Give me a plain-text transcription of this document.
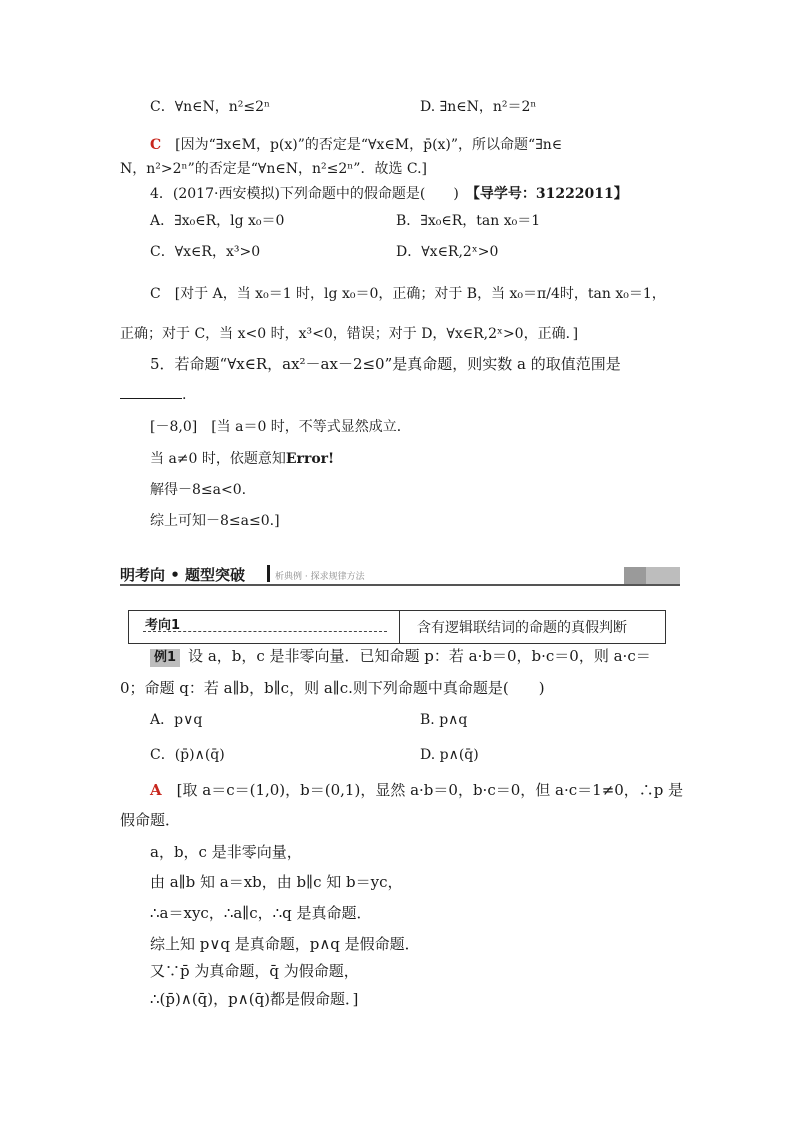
C．∀n∈N，n²≤2ⁿ	D. ∃n∈N，n²＝2ⁿ
C　[因为“∃x∈M，p(x)”的否定是“∀x∈M，p̄(x)”，所以命题“∃n∈
N，n²>2ⁿ”的否定是“∀n∈N，n²≤2ⁿ”．故选 C.]
4．(2017·西安模拟)下列命题中的假命题是(　　)　【导学号：31222011】
A．∃x₀∈R，lg x₀＝0	B．∃x₀∈R，tan x₀＝1
C．∀x∈R，x³>0	D．∀x∈R,2ˣ>0
C　[对于 A，当 x₀＝1 时，lg x₀＝0，正确；对于 B，当 x₀＝π/4时，tan x₀＝1，
正确；对于 C，当 x<0 时，x³<0，错误；对于 D，∀x∈R,2ˣ>0，正确．]
5．若命题“∀x∈R，ax²－ax－2≤0”是真命题，则实数 a 的取值范围是
.
[－8,0]　[当 a＝0 时，不等式显然成立．
当 a≠0 时，依题意知Error!
解得－8≤a<0.
综上可知－8≤a≤0.]
例1 设 a，b，c 是非零向量．已知命题 p：若 a·b＝0，b·c＝0，则 a·c＝
0；命题 q：若 a∥b，b∥c，则 a∥c.则下列命题中真命题是(　　)
A．p∨q	B. p∧q
C．(p̄)∧(q̄)	D. p∧(q̄)
A　[取 a＝c＝(1,0)，b＝(0,1)，显然 a·b＝0，b·c＝0，但 a·c＝1≠0，∴p 是
假命题．
a，b，c 是非零向量，
由 a∥b 知 a＝xb，由 b∥c 知 b＝yc，
∴a＝xyc，∴a∥c，∴q 是真命题．
综上知 p∨q 是真命题，p∧q 是假命题．
又∵p̄ 为真命题，q̄ 为假命题，
∴(p̄)∧(q̄)，p∧(q̄)都是假命题．]
明考向 • 题型突破	析典例 · 探求规律方法
考向1	含有逻辑联结词的命题的真假判断
